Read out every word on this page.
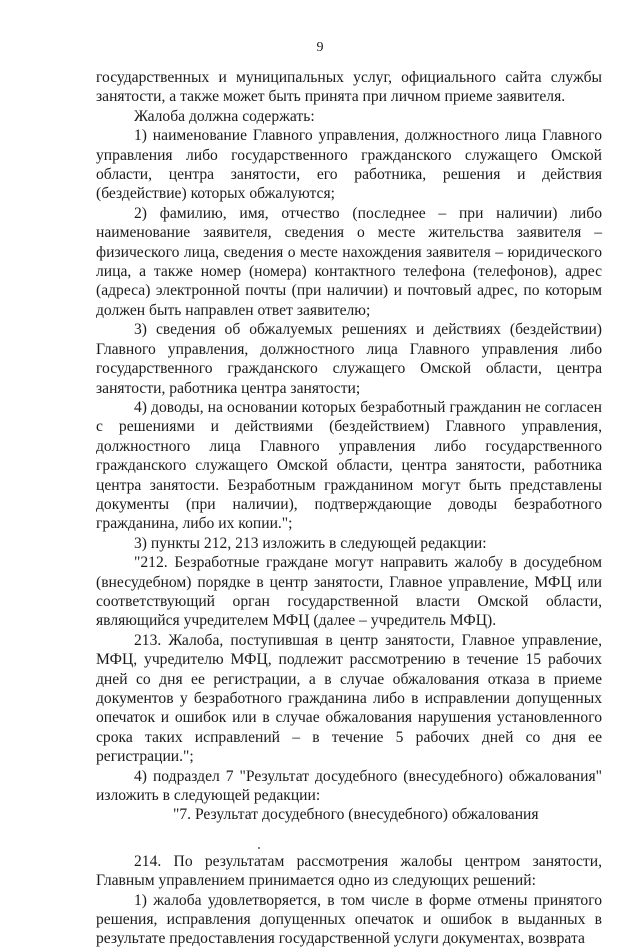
9

государственных и муниципальных услуг, официального сайта службы занятости, а также может быть принята при личном приеме заявителя.

Жалоба должна содержать:

1) наименование Главного управления, должностного лица Главного управления либо государственного гражданского служащего Омской области, центра занятости, его работника, решения и действия (бездействие) которых обжалуются;

2) фамилию, имя, отчество (последнее – при наличии) либо наименование заявителя, сведения о месте жительства заявителя – физического лица, сведения о месте нахождения заявителя – юридического лица, а также номер (номера) контактного телефона (телефонов), адрес (адреса) электронной почты (при наличии) и почтовый адрес, по которым должен быть направлен ответ заявителю;

3) сведения об обжалуемых решениях и действиях (бездействии) Главного управления, должностного лица Главного управления либо государственного гражданского служащего Омской области, центра занятости, работника центра занятости;

4) доводы, на основании которых безработный гражданин не согласен с решениями и действиями (бездействием) Главного управления, должностного лица Главного управления либо государственного гражданского служащего Омской области, центра занятости, работника центра занятости. Безработным гражданином могут быть представлены документы (при наличии), подтверждающие доводы безработного гражданина, либо их копии.";

3) пункты 212, 213 изложить в следующей редакции:

"212. Безработные граждане могут направить жалобу в досудебном (внесудебном) порядке в центр занятости, Главное управление, МФЦ или соответствующий орган государственной власти Омской области, являющийся учредителем МФЦ (далее – учредитель МФЦ).

213. Жалоба, поступившая в центр занятости, Главное управление, МФЦ, учредителю МФЦ, подлежит рассмотрению в течение 15 рабочих дней со дня ее регистрации, а в случае обжалования отказа в приеме документов у безработного гражданина либо в исправлении допущенных опечаток и ошибок или в случае обжалования нарушения установленного срока таких исправлений – в течение 5 рабочих дней со дня ее регистрации.";

4) подраздел 7 "Результат досудебного (внесудебного) обжалования" изложить в следующей редакции:

"7. Результат досудебного (внесудебного) обжалования

214. По результатам рассмотрения жалобы центром занятости, Главным управлением принимается одно из следующих решений:

1) жалоба удовлетворяется, в том числе в форме отмены принятого решения, исправления допущенных опечаток и ошибок в выданных в результате предоставления государственной услуги документах, возврата
